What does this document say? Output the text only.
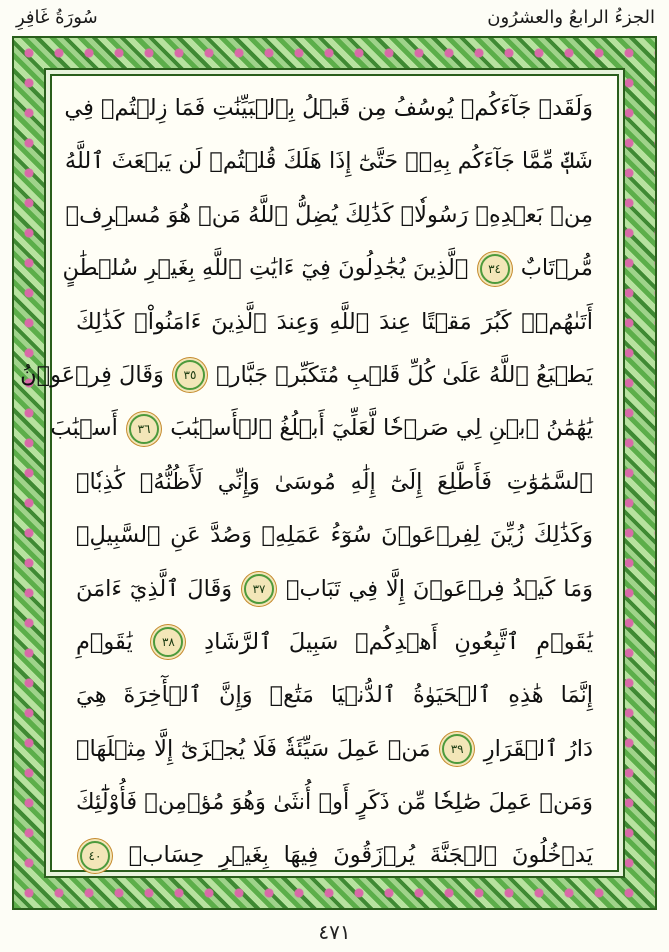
الجزءُ الرابعُ والعشرُون
سُورَةُ غَافِرِ
وَلَقَدۡ جَآءَكُمۡ يُوسُفُ مِن قَبۡلُ بِٱلۡبَيِّنَٰتِ فَمَا زِلۡتُمۡ فِي
شَكّٖ مِّمَّا جَآءَكُم بِهِۦۖ حَتَّىٰٓ إِذَا هَلَكَ قُلۡتُمۡ لَن يَبۡعَثَ ٱللَّهُ
مِنۢ بَعۡدِهِۦ رَسُولٗاۚ كَذَٰلِكَ يُضِلُّ ٱللَّهُ مَنۡ هُوَ مُسۡرِفٞ
مُّرۡتَابٌ ٣٤ ٱلَّذِينَ يُجَٰدِلُونَ فِيٓ ءَايَٰتِ ٱللَّهِ بِغَيۡرِ سُلۡطَٰنٍ
أَتَىٰهُمۡۖ كَبُرَ مَقۡتًا عِندَ ٱللَّهِ وَعِندَ ٱلَّذِينَ ءَامَنُواْۚ كَذَٰلِكَ
يَطۡبَعُ ٱللَّهُ عَلَىٰ كُلِّ قَلۡبِ مُتَكَبِّرٖ جَبَّارٖ ٣٥ وَقَالَ فِرۡعَوۡنُ
يَٰهَٰمَٰنُ ٱبۡنِ لِي صَرۡحٗا لَّعَلِّيٓ أَبۡلُغُ ٱلۡأَسۡبَٰبَ ٣٦ أَسۡبَٰبَ
ٱلسَّمَٰوَٰتِ فَأَطَّلِعَ إِلَىٰٓ إِلَٰهِ مُوسَىٰ وَإِنِّي لَأَظُنُّهُۥ كَٰذِبٗاۚ
وَكَذَٰلِكَ زُيِّنَ لِفِرۡعَوۡنَ سُوٓءُ عَمَلِهِۦ وَصُدَّ عَنِ ٱلسَّبِيلِۚ
وَمَا كَيۡدُ فِرۡعَوۡنَ إِلَّا فِي تَبَابٖ ٣٧ وَقَالَ ٱلَّذِيٓ ءَامَنَ
يَٰقَوۡمِ ٱتَّبِعُونِ أَهۡدِكُمۡ سَبِيلَ ٱلرَّشَادِ ٣٨ يَٰقَوۡمِ
إِنَّمَا هَٰذِهِ ٱلۡحَيَوٰةُ ٱلدُّنۡيَا مَتَٰعٞ وَإِنَّ ٱلۡأٓخِرَةَ هِيَ
دَارُ ٱلۡقَرَارِ ٣٩ مَنۡ عَمِلَ سَيِّئَةٗ فَلَا يُجۡزَىٰٓ إِلَّا مِثۡلَهَاۖ
وَمَنۡ عَمِلَ صَٰلِحٗا مِّن ذَكَرٍ أَوۡ أُنثَىٰ وَهُوَ مُؤۡمِنٞ فَأُوْلَٰٓئِكَ
يَدۡخُلُونَ ٱلۡجَنَّةَ يُرۡزَقُونَ فِيهَا بِغَيۡرِ حِسَابٖ ٤٠
٤٧١
